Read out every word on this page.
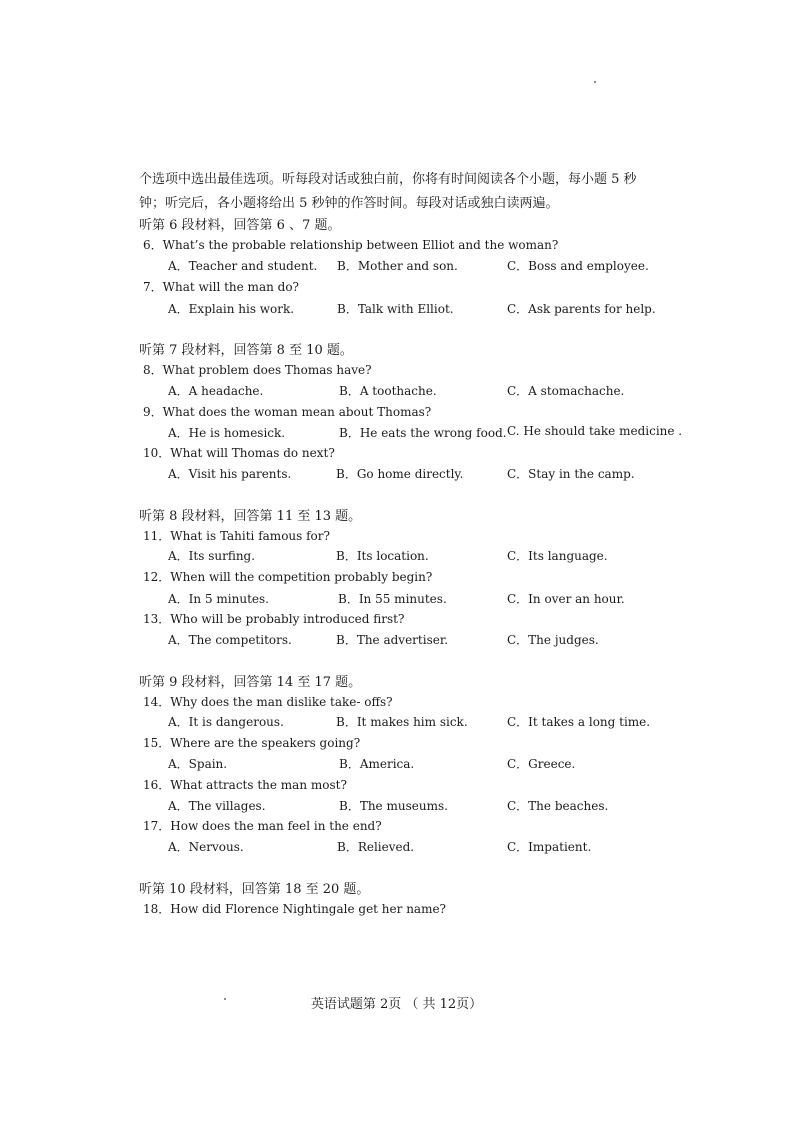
个选项中选出最佳选项。听每段对话或独白前，你将有时间阅读各个小题，每小题 5 秒

钟；听完后，各小题将给出 5 秒钟的作答时间。每段对话或独白读两遍。

听第 6 段材料，回答第 6 、7 题。
6．What’s the probable relationship between Elliot and the woman?
A．Teacher and student. B．Mother and son.	C．Boss and employee.
7．What will the man do?
A．Explain his work.	B．Talk with Elliot.	C．Ask parents for help.
听第 7 段材料，回答第 8 至 10 题。
8．What problem does Thomas have?
A．A headache.	B．A toothache.	C．A stomachache.
9．What does the woman mean about Thomas?
A．He is homesick.	B．He eats the wrong food. C. He should take medicine .
10．What will Thomas do next?
A．Visit his parents.	B．Go home directly.	C．Stay in the camp.
听第 8 段材料，回答第 11 至 13 题。
11．What is Tahiti famous for?
A．Its surfing.	B．Its location.	C．Its language.
12．When will the competition probably begin?
A．In 5 minutes.	B．In 55 minutes.	C．In over an hour.
13．Who will be probably introduced first?
A．The competitors.	B．The advertiser.	C．The judges.
听第 9 段材料，回答第 14 至 17 题。
14．Why does the man dislike take- offs?
A．It is dangerous.	B．It makes him sick.	C．It takes a long time.
15．Where are the speakers going?
A．Spain.	B．America.	C．Greece.
16．What attracts the man most?
A．The villages.	B．The museums.	C．The beaches.
17．How does the man feel in the end?
A．Nervous.	B．Relieved.	C．Impatient.
听第 10 段材料，回答第 18 至 20 题。
18．How did Florence Nightingale get her name?
英语试题第 2页 （ 共 12页）
